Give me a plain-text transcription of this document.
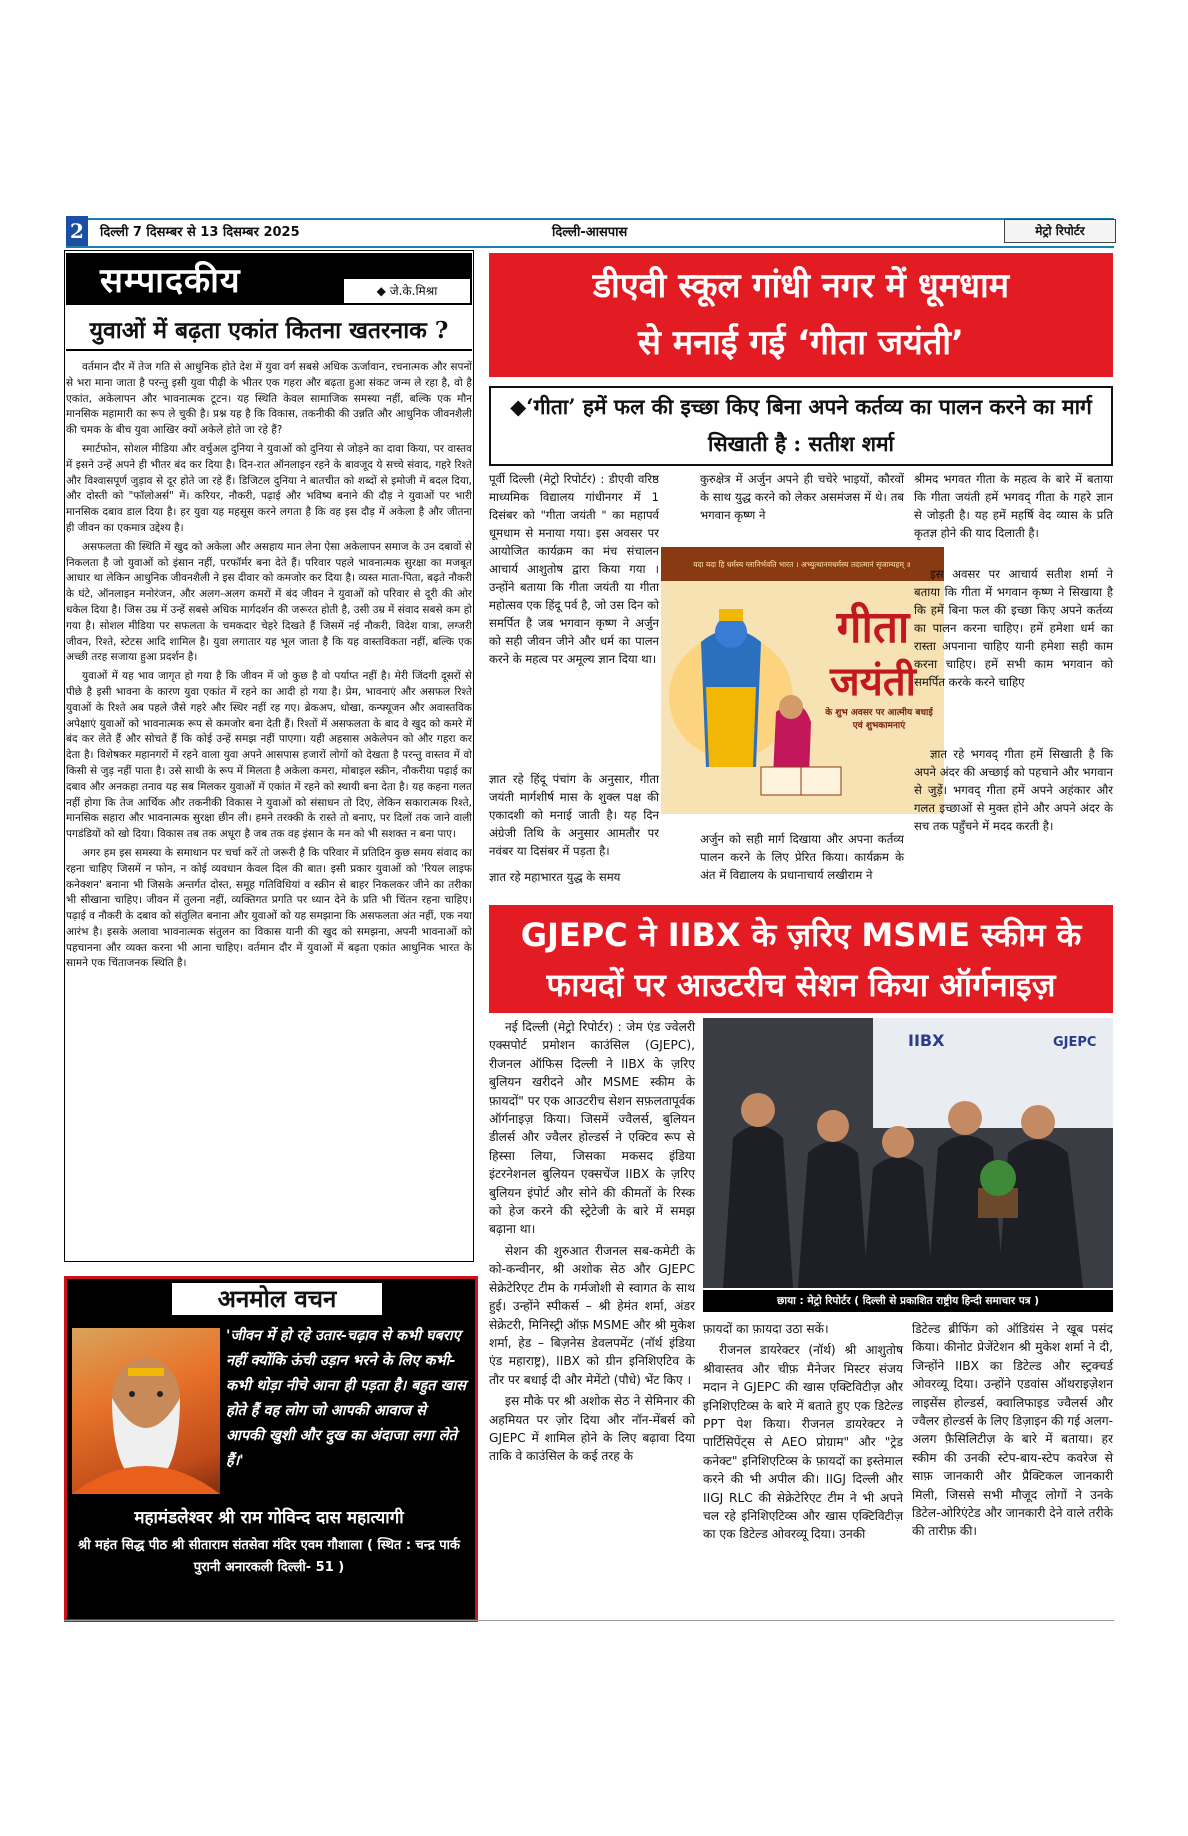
2	दिल्ली 7 दिसम्बर से 13 दिसम्बर 2025	दिल्ली-आसपास	मेट्रो रिपोर्टर
सम्पादकीय	◆ जे.के.मिश्रा
युवाओं में बढ़ता एकांत कितना खतरनाक ?

वर्तमान दौर में तेज गति से आधुनिक होते देश में युवा वर्ग सबसे अधिक ऊर्जावान, रचनात्मक और सपनों से भरा माना जाता है परन्तु इसी युवा पीढ़ी के भीतर एक गहरा और बढ़ता हुआ संकट जन्म ले रहा है, वो है एकांत, अकेलापन और भावनात्मक टूटन। यह स्थिति केवल सामाजिक समस्या नहीं, बल्कि एक मौन मानसिक महामारी का रूप ले चुकी है। प्रश्न यह है कि विकास, तकनीकी की उन्नति और आधुनिक जीवनशैली की चमक के बीच युवा आखिर क्यों अकेले होते जा रहे हैं?

स्मार्टफोन, सोशल मीडिया और वर्चुअल दुनिया ने युवाओं को दुनिया से जोड़ने का दावा किया, पर वास्तव में इसने उन्हें अपने ही भीतर बंद कर दिया है। दिन-रात ऑनलाइन रहने के बावजूद ये सच्चे संवाद, गहरे रिश्ते और विश्वासपूर्ण जुड़ाव से दूर होते जा रहे हैं। डिजिटल दुनिया ने बातचीत को शब्दों से इमोजी में बदल दिया, और दोस्ती को "फॉलोअर्स" में। करियर, नौकरी, पढ़ाई और भविष्य बनाने की दौड़ ने युवाओं पर भारी मानसिक दबाव डाल दिया है। हर युवा यह महसूस करने लगता है कि वह इस दौड़ में अकेला है और जीतना ही जीवन का एकमात्र उद्देश्य है।

असफलता की स्थिति में खुद को अकेला और असहाय मान लेना ऐसा अकेलापन समाज के उन दबावों से निकलता है जो युवाओं को इंसान नहीं, परफॉर्मर बना देते हैं। परिवार पहले भावनात्मक सुरक्षा का मजबूत आधार था लेकिन आधुनिक जीवनशैली ने इस दीवार को कमजोर कर दिया है। व्यस्त माता-पिता, बढ़ते नौकरी के घंटे, ऑनलाइन मनोरंजन, और अलग-अलग कमरों में बंद जीवन ने युवाओं को परिवार से दूरी की ओर धकेल दिया है। जिस उम्र में उन्हें सबसे अधिक मार्गदर्शन की जरूरत होती है, उसी उम्र में संवाद सबसे कम हो गया है। सोशल मीडिया पर सफलता के चमकदार चेहरे दिखते हैं जिसमें नई नौकरी, विदेश यात्रा, लग्जरी जीवन, रिश्ते, स्टेटस आदि शामिल है। युवा लगातार यह भूल जाता है कि यह वास्तविकता नहीं, बल्कि एक अच्छी तरह सजाया हुआ प्रदर्शन है।

युवाओं में यह भाव जागृत हो गया है कि जीवन में जो कुछ है वो पर्याप्त नहीं है। मेरी जिंदगी दूसरों से पीछे है इसी भावना के कारण युवा एकांत में रहने का आदी हो गया है। प्रेम, भावनाएं और असफल रिश्ते युवाओं के रिश्ते अब पहले जैसे गहरे और स्थिर नहीं रह गए। ब्रेकअप, धोखा, कन्फ्यूजन और अवास्तविक अपेक्षाएं युवाओं को भावनात्मक रूप से कमजोर बना देती हैं। रिश्तों में असफलता के बाद वे खुद को कमरे में बंद कर लेते हैं और सोचते हैं कि कोई उन्हें समझ नहीं पाएगा। यही अहसास अकेलेपन को और गहरा कर देता है। विशेषकर महानगरों में रहने वाला युवा अपने आसपास हजारों लोगों को देखता है परन्तु वास्तव में वो किसी से जुड़ नहीं पाता है। उसे साथी के रूप में मिलता है अकेला कमरा, मोबाइल स्क्रीन, नौकरीया पढ़ाई का दबाव और अनकहा तनाव यह सब मिलकर युवाओं में एकांत में रहने को स्थायी बना देता है। यह कहना गलत नहीं होगा कि तेज आर्थिक और तकनीकी विकास ने युवाओं को संसाधन तो दिए, लेकिन सकारात्मक रिश्ते, मानसिक सहारा और भावनात्मक सुरक्षा छीन ली। हमने तरक्की के रास्ते तो बनाए, पर दिलों तक जाने वाली पगडंडियों को खो दिया। विकास तब तक अधूरा है जब तक वह इंसान के मन को भी सशक्त न बना पाए।

अगर हम इस समस्या के समाधान पर चर्चा करें तो जरूरी है कि परिवार में प्रतिदिन कुछ समय संवाद का रहना चाहिए जिसमें न फोन, न कोई व्यवधान केवल दिल की बात। इसी प्रकार युवाओं को 'रियल लाइफ कनेक्शन' बनाना भी जिसके अन्तर्गत दोस्त, समूह गतिविधियां व स्क्रीन से बाहर निकलकर जीने का तरीका भी सीखाना चाहिए। जीवन में तुलना नहीं, व्यक्तिगत प्रगति पर ध्यान देने के प्रति भी चिंतन रहना चाहिए। पढ़ाई व नौकरी के दबाव को संतुलित बनाना और युवाओं को यह समझाना कि असफलता अंत नहीं, एक नया आरंभ है। इसके अलावा भावनात्मक संतुलन का विकास यानी की खुद को समझना, अपनी भावनाओं को पहचानना और व्यक्त करना भी आना चाहिए। वर्तमान दौर में युवाओं में बढ़ता एकांत आधुनिक भारत के सामने एक चिंताजनक स्थिति है।

अनमोल वचन
'जीवन में हो रहे उतार-चढ़ाव से कभी घबराए नहीं क्योंकि ऊंची उड़ान भरने के लिए कभी-कभी थोड़ा नीचे आना ही पड़ता है। बहुत खास होते हैं वह लोग जो आपकी आवाज से आपकी खुशी और दुख का अंदाजा लगा लेते हैं।'
महामंडलेश्वर श्री राम गोविन्द दास महात्यागी
श्री महंत सिद्ध पीठ श्री सीताराम संतसेवा मंदिर एवम गौशाला ( स्थित : चन्द्र पार्क पुरानी अनारकली दिल्ली- 51 )
डीएवी स्कूल गांधी नगर में धूमधाम
से मनाई गई ‘गीता जयंती’
◆‘गीता’ हमें फल की इच्छा किए बिना अपने कर्तव्य का पालन करने का मार्ग सिखाती है : सतीश शर्मा
पूर्वी दिल्ली (मेट्रो रिपोर्टर) : डीएवी वरिष्ठ माध्यमिक विद्यालय गांधीनगर में 1 दिसंबर को "गीता जयंती " का महापर्व धूमधाम से मनाया गया। इस अवसर पर आयोजित कार्यक्रम का मंच संचालन आचार्य आशुतोष द्वारा किया गया । उन्होंने बताया कि गीता जयंती या गीता महोत्सव एक हिंदू पर्व है, जो उस दिन को समर्पित है जब भगवान कृष्ण ने अर्जुन को सही जीवन जीने और धर्म का पालन करने के महत्व पर अमूल्य ज्ञान दिया था।
ज्ञात रहे हिंदू पंचांग के अनुसार, गीता जयंती मार्गशीर्ष मास के शुक्ल पक्ष की एकादशी को मनाई जाती है। यह दिन अंग्रेजी तिथि के अनुसार आमतौर पर नवंबर या दिसंबर में पड़ता है।
ज्ञात रहे महाभारत युद्ध के समय
कुरुक्षेत्र में अर्जुन अपने ही चचेरे भाइयों, कौरवों के साथ युद्ध करने को लेकर असमंजस में थे। तब भगवान कृष्ण ने
यदा यदा हि धर्मस्य ग्लानिर्भवति भारत । अभ्युत्थानमधर्मस्य तदात्मानं सृजाम्यहम् ॥
गीता
जयंती
के शुभ अवसर पर आत्मीय बधाई एवं शुभकामनाएं
अर्जुन को सही मार्ग दिखाया और अपना कर्तव्य पालन करने के लिए प्रेरित किया। कार्यक्रम के अंत में विद्यालय के प्रधानाचार्य लखीराम ने
श्रीमद भगवत गीता के महत्व के बारे में बताया कि गीता जयंती हमें भगवद् गीता के गहरे ज्ञान से जोड़ती है। यह हमें महर्षि वेद व्यास के प्रति कृतज्ञ होने की याद दिलाती है।
इस अवसर पर आचार्य सतीश शर्मा ने बताया कि गीता में भगवान कृष्ण ने सिखाया है कि हमें बिना फल की इच्छा किए अपने कर्तव्य का पालन करना चाहिए। हमें हमेशा धर्म का रास्ता अपनाना चाहिए यानी हमेशा सही काम करना चाहिए। हमें सभी काम भगवान को समर्पित करके करने चाहिए
ज्ञात रहे भगवद् गीता हमें सिखाती है कि अपने अंदर की अच्छाई को पहचाने और भगवान से जुड़ें। भगवद् गीता हमें अपने अहंकार और गलत इच्छाओं से मुक्त होने और अपने अंदर के सच तक पहुँचने में मदद करती है।
GJEPC ने IIBX के ज़रिए MSME स्कीम के
फायदों पर आउटरीच सेशन किया ऑर्गनाइज़
IIBX	GJEPC
छाया : मेट्रो रिपोर्टर ( दिल्ली से प्रकाशित राष्ट्रीय हिन्दी समाचार पत्र )

नई दिल्ली (मेट्रो रिपोर्टर) : जेम एंड ज्वेलरी एक्सपोर्ट प्रमोशन काउंसिल (GJEPC), रीजनल ऑफिस दिल्ली ने IIBX के ज़रिए बुलियन खरीदने और MSME स्कीम के फ़ायदों" पर एक आउटरीच सेशन सफ़लतापूर्वक ऑर्गनाइज़ किया। जिसमें ज्वैलर्स, बुलियन डीलर्स और ज्वैलर होल्डर्स ने एक्टिव रूप से हिस्सा लिया, जिसका मकसद इंडिया इंटरनेशनल बुलियन एक्सचेंज IIBX के ज़रिए बुलियन इंपोर्ट और सोने की कीमतों के रिस्क को हेज करने की स्ट्रेटेजी के बारे में समझ बढ़ाना था।

सेशन की शुरुआत रीजनल सब-कमेटी के को-कन्वीनर, श्री अशोक सेठ और GJEPC सेक्रेटेरिएट टीम के गर्मजोशी से स्वागत के साथ हुई। उन्होंने स्पीकर्स – श्री हेमंत शर्मा, अंडर सेक्रेटरी, मिनिस्ट्री ऑफ़ MSME और श्री मुकेश शर्मा, हेड – बिज़नेस डेवलपमेंट (नॉर्थ इंडिया एंड महाराष्ट्र), IIBX को ग्रीन इनिशिएटिव के तौर पर बधाई दी और मेमेंटो (पौधे) भेंट किए ।

इस मौके पर श्री अशोक सेठ ने सेमिनार की अहमियत पर ज़ोर दिया और नॉन-मेंबर्स को GJEPC में शामिल होने के लिए बढ़ावा दिया ताकि वे काउंसिल के कई तरह के

फ़ायदों का फ़ायदा उठा सकें।

रीजनल डायरेक्टर (नॉर्थ) श्री आशुतोष श्रीवास्तव और चीफ़ मैनेजर मिस्टर संजय मदान ने GJEPC की खास एक्टिविटीज़ और इनिशिएटिव्स के बारे में बताते हुए एक डिटेल्ड PPT पेश किया। रीजनल डायरेक्टर ने पार्टिसिपेंट्स से AEO प्रोग्राम" और "ट्रेड कनेक्ट" इनिशिएटिव्स के फ़ायदों का इस्तेमाल करने की भी अपील की। IIGJ दिल्ली और IIGJ RLC की सेक्रेटेरिएट टीम ने भी अपने चल रहे इनिशिएटिव्स और खास एक्टिविटीज़ का एक डिटेल्ड ओवरव्यू दिया। उनकी

डिटेल्ड ब्रीफिंग को ऑडियंस ने खूब पसंद किया। कीनोट प्रेजेंटेशन श्री मुकेश शर्मा ने दी, जिन्होंने IIBX का डिटेल्ड और स्ट्रक्चर्ड ओवरव्यू दिया। उन्होंने एडवांस ऑथराइज़ेशन लाइसेंस होल्डर्स, क्वालिफाइड ज्वैलर्स और ज्वैलर होल्डर्स के लिए डिज़ाइन की गई अलग-अलग फ़ैसिलिटीज़ के बारे में बताया। हर स्कीम की उनकी स्टेप-बाय-स्टेप कवरेज से साफ़ जानकारी और प्रैक्टिकल जानकारी मिली, जिससे सभी मौजूद लोगों ने उनके डिटेल-ओरिएंटेड और जानकारी देने वाले तरीके की तारीफ़ की।
